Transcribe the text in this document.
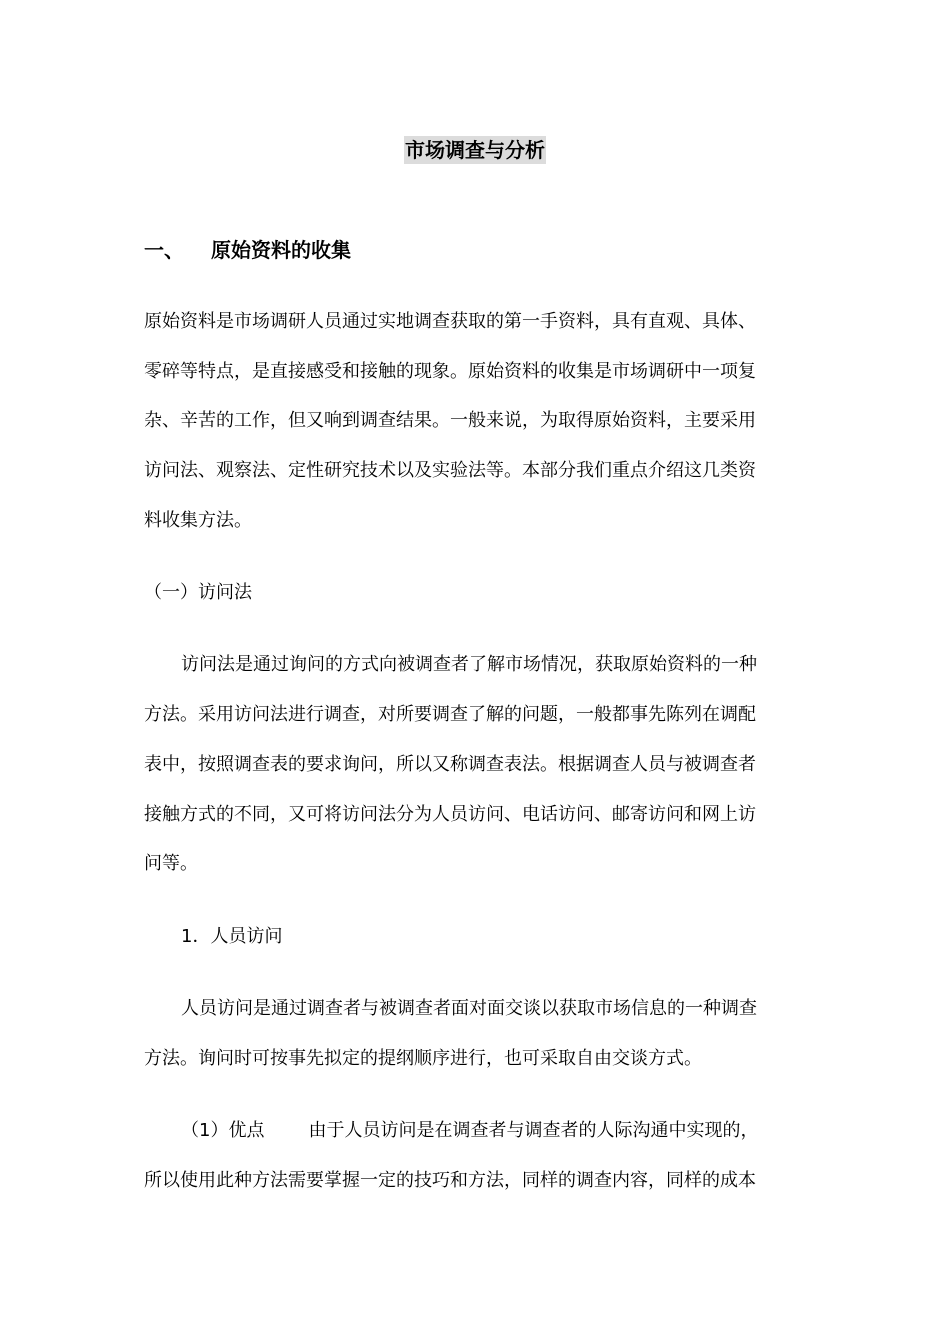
市场调查与分析
一、 原始资料的收集
原始资料是市场调研人员通过实地调查获取的第一手资料，具有直观、具体、
零碎等特点，是直接感受和接触的现象。原始资料的收集是市场调研中一项复
杂、辛苦的工作，但又响到调查结果。一般来说，为取得原始资料，主要采用
访问法、观察法、定性研究技术以及实验法等。本部分我们重点介绍这几类资
料收集方法。
（一）访问法
访问法是通过询问的方式向被调查者了解市场情况，获取原始资料的一种
方法。采用访问法进行调查，对所要调查了解的问题，一般都事先陈列在调配
表中，按照调查表的要求询问，所以又称调查表法。根据调查人员与被调查者
接触方式的不同，又可将访问法分为人员访问、电话访问、邮寄访问和网上访
问等。
1．人员访问
人员访问是通过调查者与被调查者面对面交谈以获取市场信息的一种调查
方法。询问时可按事先拟定的提纲顺序进行，也可采取自由交谈方式。
（1）优点 由于人员访问是在调查者与调查者的人际沟通中实现的，
所以使用此种方法需要掌握一定的技巧和方法，同样的调查内容，同样的成本
